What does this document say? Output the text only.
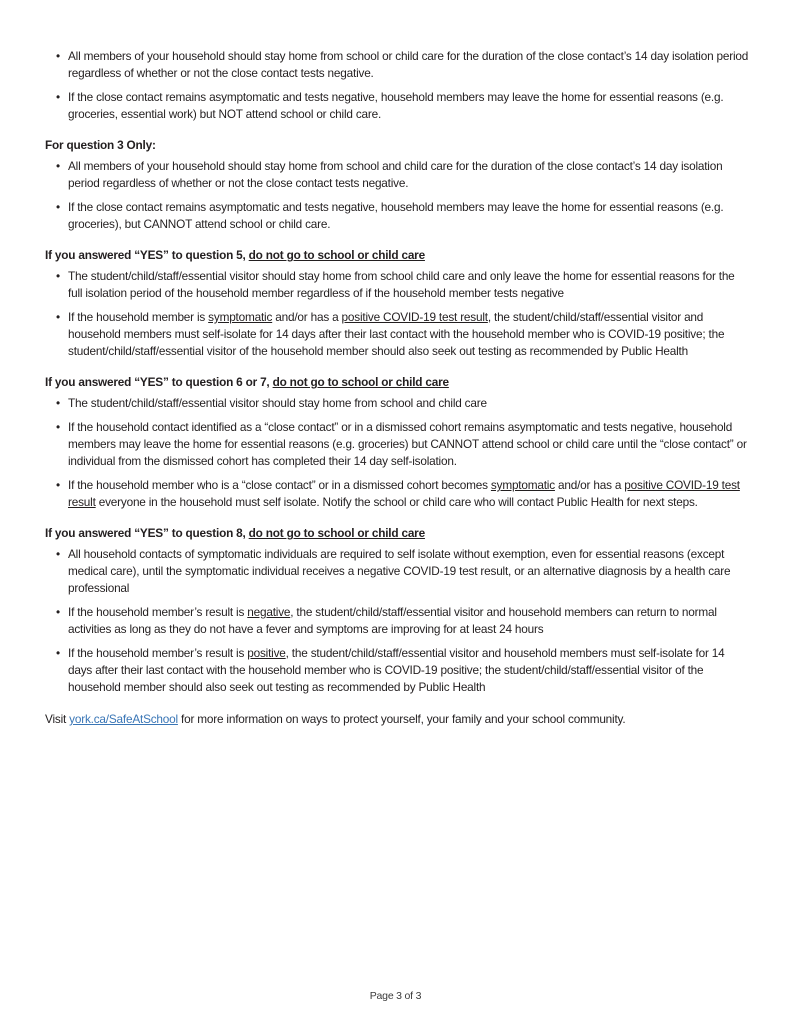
• All members of your household should stay home from school or child care for the duration of the close contact’s 14 day isolation period regardless of whether or not the close contact tests negative.
• If the close contact remains asymptomatic and tests negative, household members may leave the home for essential reasons (e.g. groceries, essential work) but NOT attend school or child care.

For question 3 Only:

• All members of your household should stay home from school and child care for the duration of the close contact’s 14 day isolation period regardless of whether or not the close contact tests negative.
• If the close contact remains asymptomatic and tests negative, household members may leave the home for essential reasons (e.g. groceries), but CANNOT attend school or child care.

If you answered “YES” to question 5, do not go to school or child care

• The student/child/staff/essential visitor should stay home from school child care and only leave the home for essential reasons for the full isolation period of the household member regardless of if the household member tests negative
• If the household member is symptomatic and/or has a positive COVID-19 test result, the student/child/staff/essential visitor and household members must self-isolate for 14 days after their last contact with the household member who is COVID-19 positive; the student/child/staff/essential visitor of the household member should also seek out testing as recommended by Public Health

If you answered “YES” to question 6 or 7, do not go to school or child care

• The student/child/staff/essential visitor should stay home from school and child care
• If the household contact identified as a “close contact” or in a dismissed cohort remains asymptomatic and tests negative, household members may leave the home for essential reasons (e.g. groceries) but CANNOT attend school or child care until the “close contact” or individual from the dismissed cohort has completed their 14 day self-isolation.
• If the household member who is a “close contact” or in a dismissed cohort becomes symptomatic and/or has a positive COVID-19 test result everyone in the household must self isolate. Notify the school or child care who will contact Public Health for next steps.

If you answered “YES” to question 8, do not go to school or child care

• All household contacts of symptomatic individuals are required to self isolate without exemption, even for essential reasons (except medical care), until the symptomatic individual receives a negative COVID-19 test result, or an alternative diagnosis by a health care professional
• If the household member’s result is negative, the student/child/staff/essential visitor and household members can return to normal activities as long as they do not have a fever and symptoms are improving for at least 24 hours
• If the household member’s result is positive, the student/child/staff/essential visitor and household members must self-isolate for 14 days after their last contact with the household member who is COVID-19 positive; the student/child/staff/essential visitor of the household member should also seek out testing as recommended by Public Health

Visit york.ca/SafeAtSchool for more information on ways to protect yourself, your family and your school community.

Page 3 of 3
